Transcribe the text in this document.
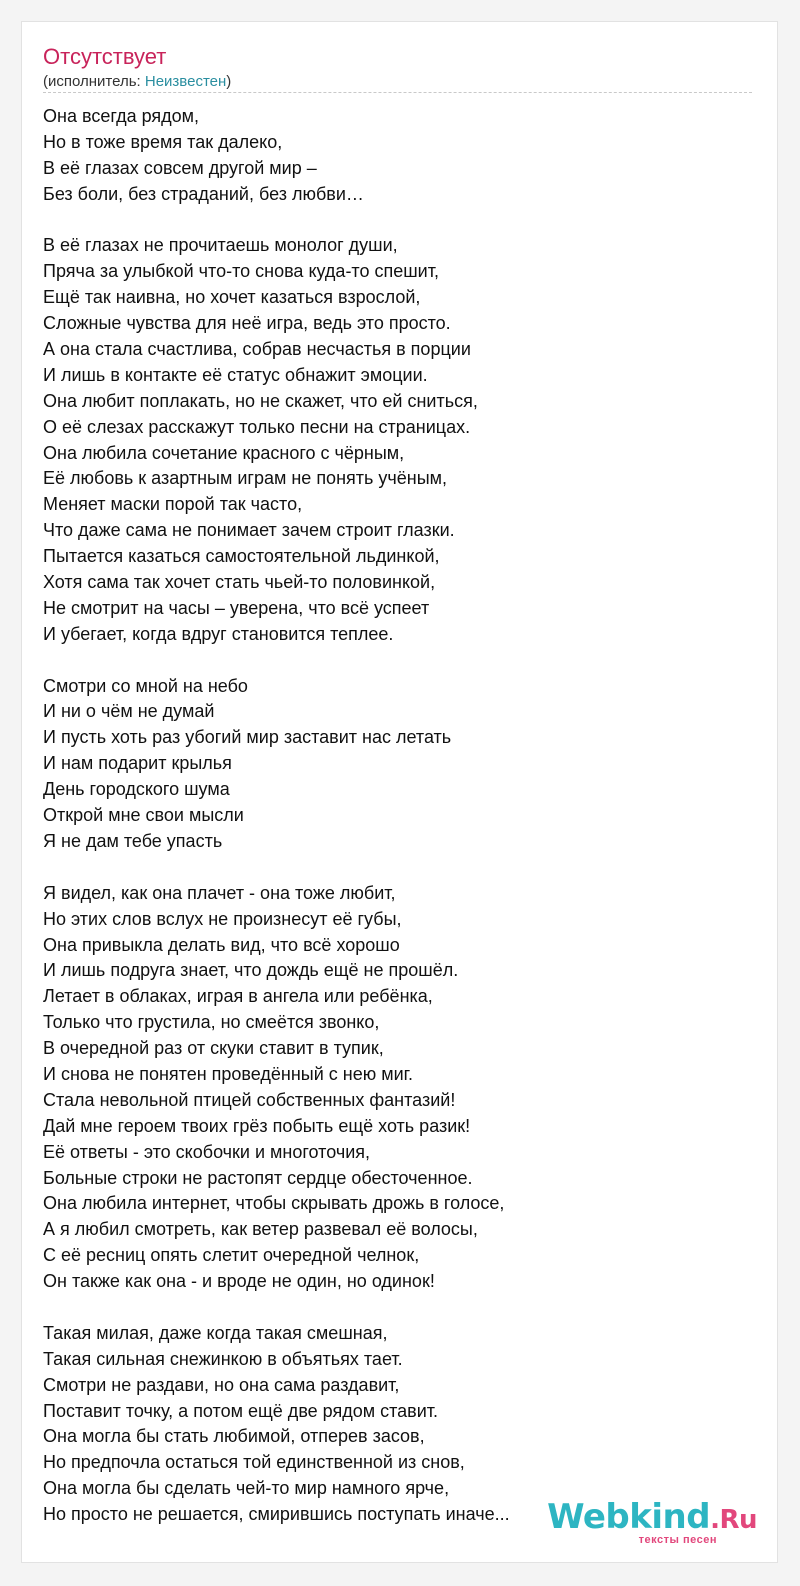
Отсутствует
(исполнитель: Неизвестен)
Она всегда рядом,
Но в тоже время так далеко,
В её глазах совсем другой мир –
Без боли, без страданий, без любви…
В её глазах не прочитаешь монолог души,
Пряча за улыбкой что-то снова куда-то спешит,
Ещё так наивна, но хочет казаться взрослой,
Сложные чувства для неё игра, ведь это просто.
А она стала счастлива, собрав несчастья в порции
И лишь в контакте её статус обнажит эмоции.
Она любит поплакать, но не скажет, что ей сниться,
О её слезах расскажут только песни на страницах.
Она любила сочетание красного с чёрным,
Её любовь к азартным играм не понять учёным,
Меняет маски порой так часто,
Что даже сама не понимает зачем строит глазки.
Пытается казаться самостоятельной льдинкой,
Хотя сама так хочет стать чьей-то половинкой,
Не смотрит на часы – уверена, что всё успеет
И убегает, когда вдруг становится теплее.
Смотри со мной на небо
И ни о чём не думай
И пусть хоть раз убогий мир заставит нас летать
И нам подарит крылья
День городского шума
Открой мне свои мысли
Я не дам тебе упасть
Я видел, как она плачет - она тоже любит,
Но этих слов вслух не произнесут её губы,
Она привыкла делать вид, что всё хорошо
И лишь подруга знает, что дождь ещё не прошёл.
Летает в облаках, играя в ангела или ребёнка,
Только что грустила, но смеётся звонко,
В очередной раз от скуки ставит в тупик,
И снова не понятен проведённый с нею миг.
Стала невольной птицей собственных фантазий!
Дай мне героем твоих грёз побыть ещё хоть разик!
Её ответы - это скобочки и многоточия,
Больные строки не растопят сердце обесточенное.
Она любила интернет, чтобы скрывать дрожь в голосе,
А я любил смотреть, как ветер развевал её волосы,
С её ресниц опять слетит очередной челнок,
Он также как она - и вроде не один, но одинок!
Такая милая, даже когда такая смешная,
Такая сильная снежинкою в объятьях тает.
Смотри не раздави, но она сама раздавит,
Поставит точку, а потом ещё две рядом ставит.
Она могла бы стать любимой, отперев засов,
Но предпочла остаться той единственной из снов,
Она могла бы сделать чей-то мир намного ярче,
Но просто не решается, смирившись поступать иначе... Webkind.Ru
тексты песен
